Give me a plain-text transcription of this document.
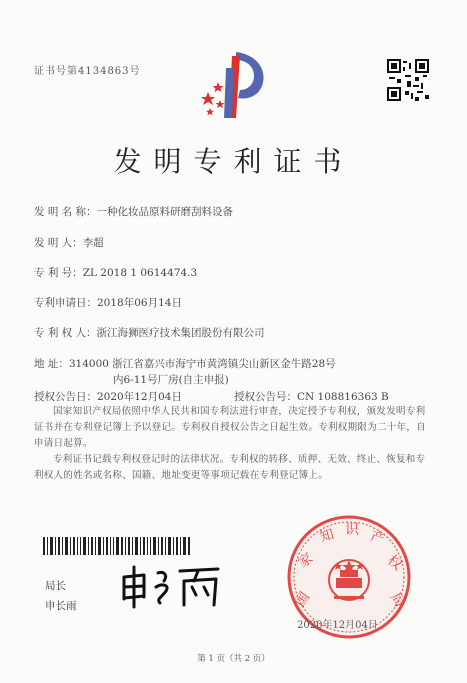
证书号第4134863号
发明专利证书
发 明 名 称：一种化妆品原料研磨刮料设备
发 明 人：李超
专 利 号：ZL 2018 1 0614474.3
专利申请日：2018年06月14日
专 利 权 人：浙江海狮医疗技术集团股份有限公司
地 址：314000 浙江省嘉兴市海宁市黄湾镇尖山新区金牛路28号
内6-11号厂房(自主申报)
授权公告日：2020年12月04日	授权公告号：CN 108816363 B
国家知识产权局依照中华人民共和国专利法进行审查，决定授予专利权，颁发发明专利证书并在专利登记簿上予以登记。专利权自授权公告之日起生效。专利权期限为二十年，自申请日起算。
专利证书记载专利权登记时的法律状况。专利权的转移、质押、无效、终止、恢复和专利权人的姓名或名称、国籍、地址变更等事项记载在专利登记簿上。
局长
申长雨	国
家
知 识 产
权
局
2020年12月04日
第 1 页（共 2 页）
